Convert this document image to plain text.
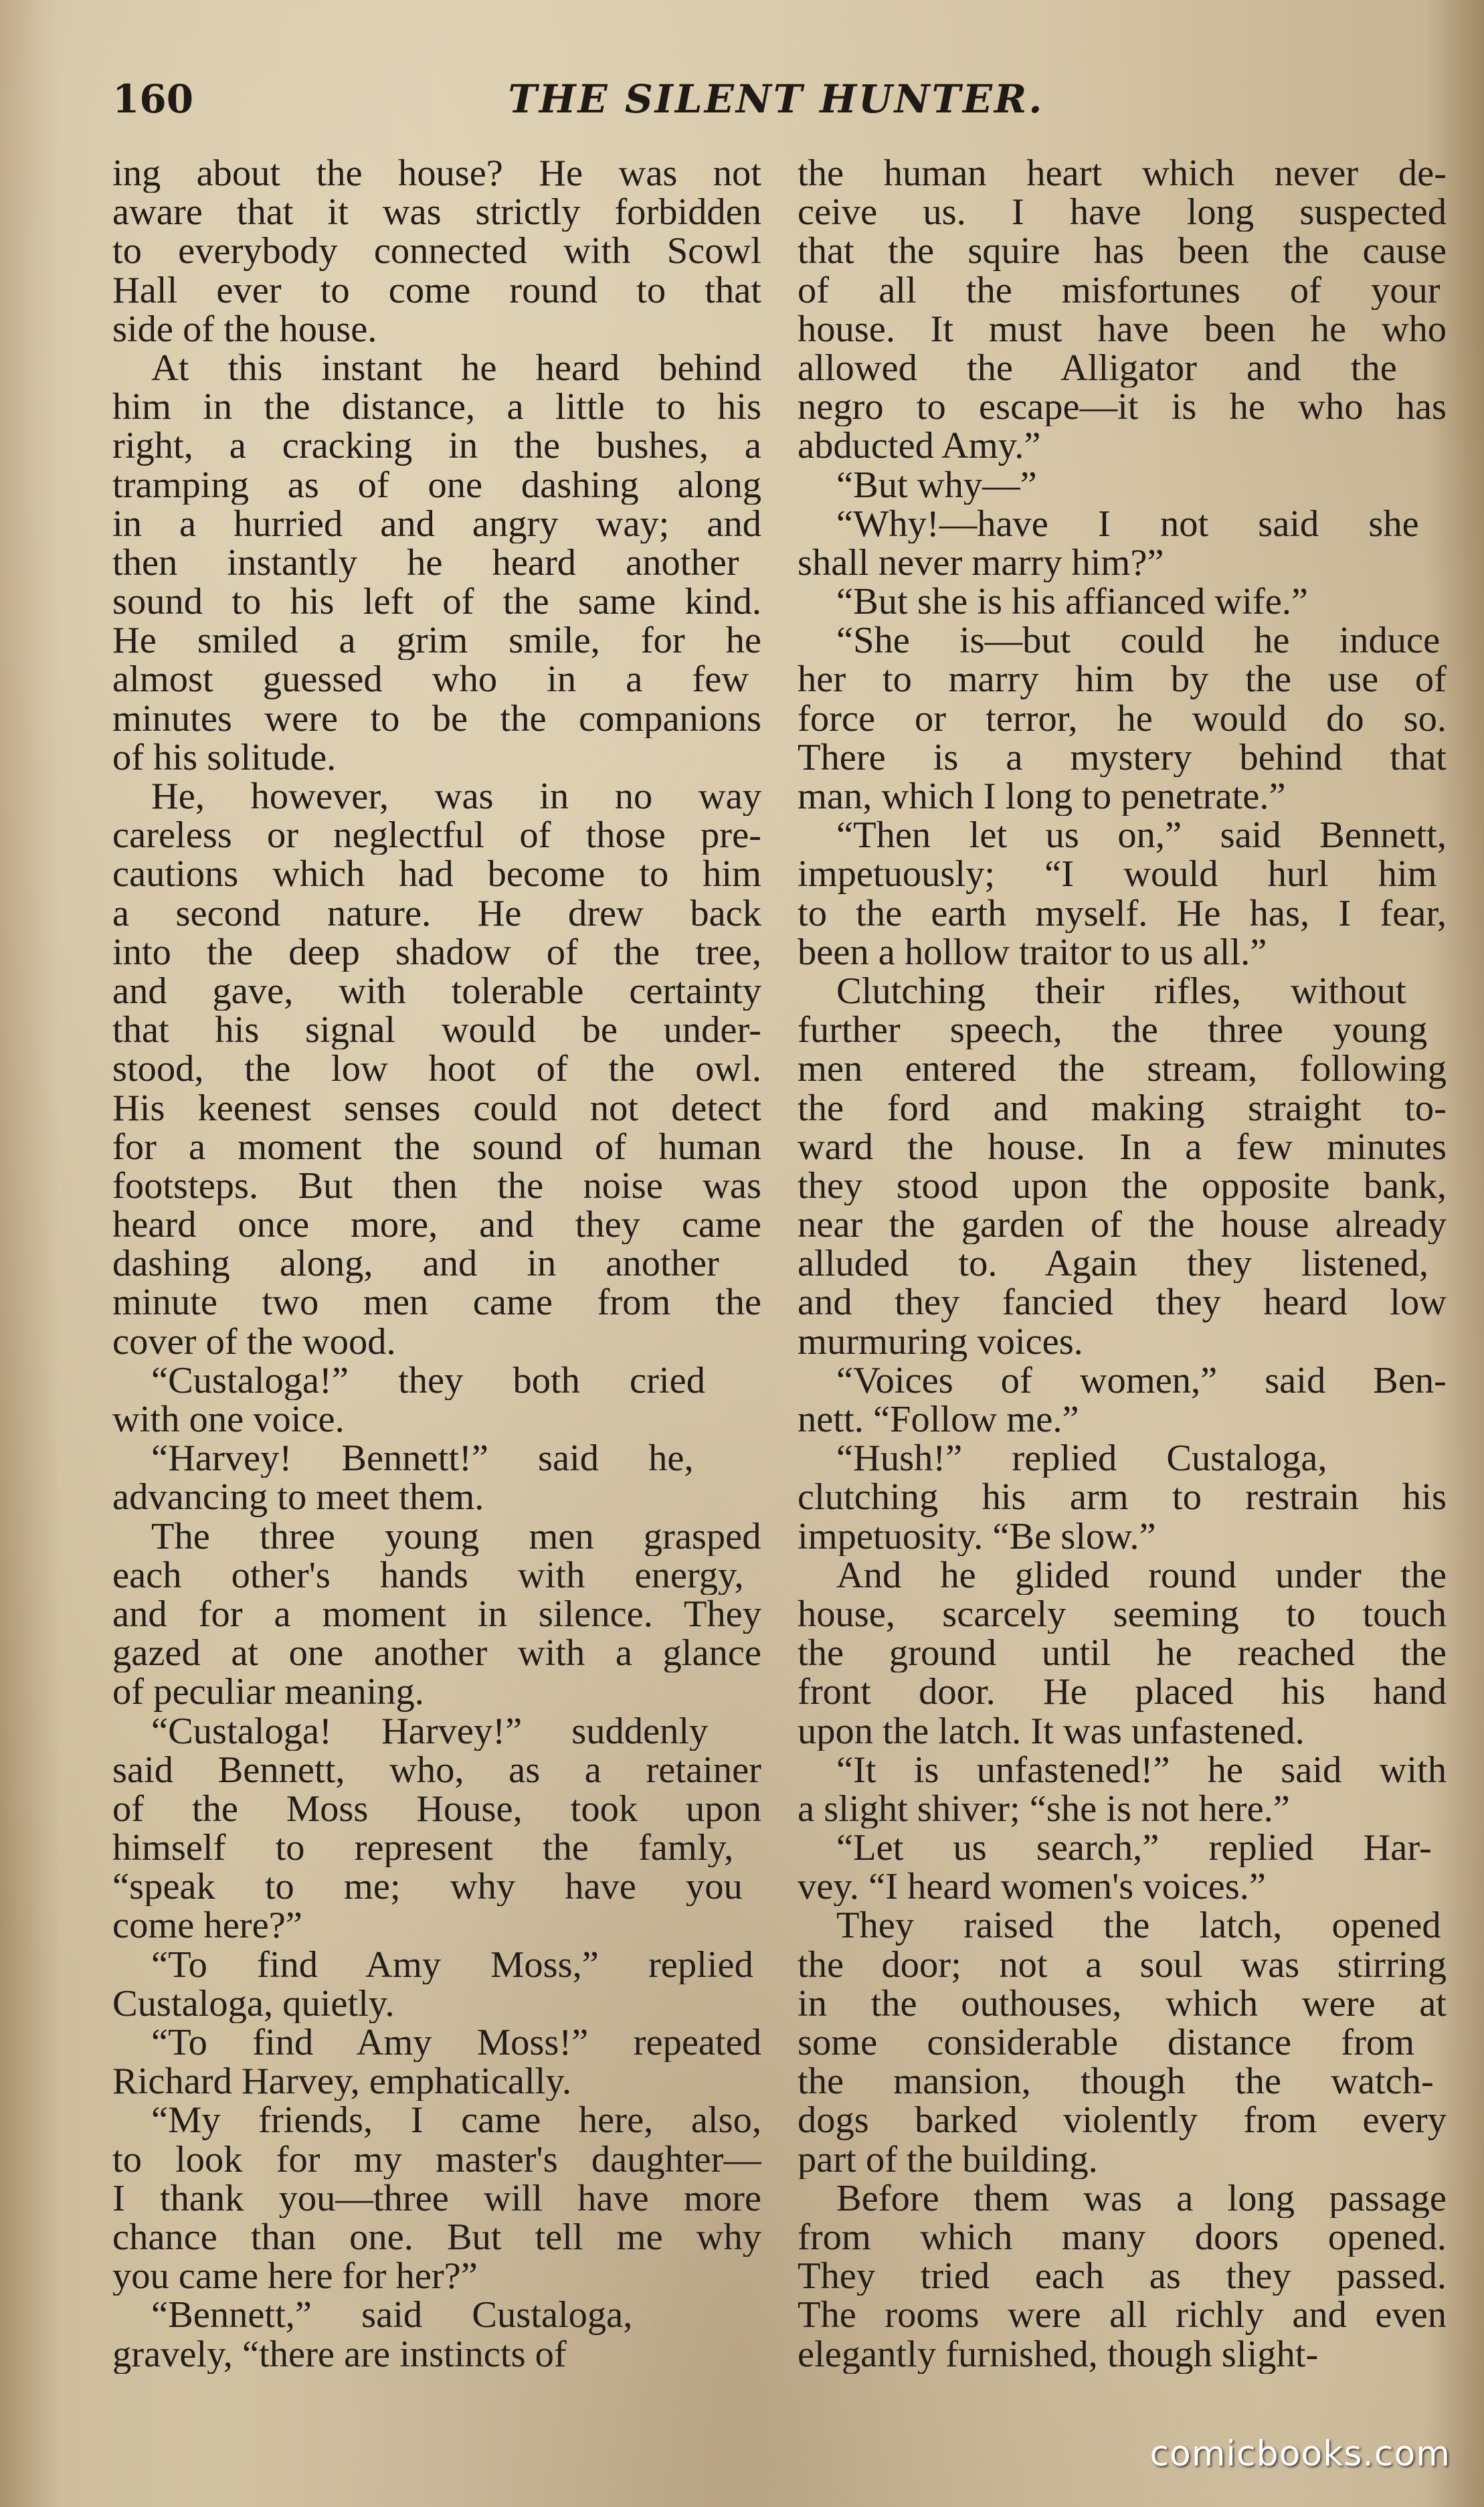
160	THE SILENT HUNTER.
ing about the house? He was not
aware that it was strictly forbidden
to everybody connected with Scowl
Hall ever to come round to that
side of the house.
At this instant he heard behind
him in the distance, a little to his
right, a cracking in the bushes, a
tramping as of one dashing along
in a hurried and angry way; and
then instantly he heard another
sound to his left of the same kind.
He smiled a grim smile, for he
almost guessed who in a few
minutes were to be the companions
of his solitude.
He, however, was in no way
careless or neglectful of those pre-
cautions which had become to him
a second nature. He drew back
into the deep shadow of the tree,
and gave, with tolerable certainty
that his signal would be under-
stood, the low hoot of the owl.
His keenest senses could not detect
for a moment the sound of human
footsteps. But then the noise was
heard once more, and they came
dashing along, and in another
minute two men came from the
cover of the wood.
“Custaloga!” they both cried
with one voice.
“Harvey! Bennett!” said he,
advancing to meet them.
The three young men grasped
each other's hands with energy,
and for a moment in silence. They
gazed at one another with a glance
of peculiar meaning.
“Custaloga! Harvey!” suddenly
said Bennett, who, as a retainer
of the Moss House, took upon
himself to represent the famly,
“speak to me; why have you
come here?”
“To find Amy Moss,” replied
Custaloga, quietly.
“To find Amy Moss!” repeated
Richard Harvey, emphatically.
“My friends, I came here, also,
to look for my master's daughter—
I thank you—three will have more
chance than one. But tell me why
you came here for her?”
“Bennett,” said Custaloga,
gravely, “there are instincts of
the human heart which never de-
ceive us. I have long suspected
that the squire has been the cause
of all the misfortunes of your
house. It must have been he who
allowed the Alligator and the
negro to escape—it is he who has
abducted Amy.”
“But why—”
“Why!—have I not said she
shall never marry him?”
“But she is his affianced wife.”
“She is—but could he induce
her to marry him by the use of
force or terror, he would do so.
There is a mystery behind that
man, which I long to penetrate.”
“Then let us on,” said Bennett,
impetuously; “I would hurl him
to the earth myself. He has, I fear,
been a hollow traitor to us all.”
Clutching their rifles, without
further speech, the three young
men entered the stream, following
the ford and making straight to-
ward the house. In a few minutes
they stood upon the opposite bank,
near the garden of the house already
alluded to. Again they listened,
and they fancied they heard low
murmuring voices.
“Voices of women,” said Ben-
nett. “Follow me.”
“Hush!” replied Custaloga,
clutching his arm to restrain his
impetuosity. “Be slow.”
And he glided round under the
house, scarcely seeming to touch
the ground until he reached the
front door. He placed his hand
upon the latch. It was unfastened.
“It is unfastened!” he said with
a slight shiver; “she is not here.”
“Let us search,” replied Har-
vey. “I heard women's voices.”
They raised the latch, opened
the door; not a soul was stirring
in the outhouses, which were at
some considerable distance from
the mansion, though the watch-
dogs barked violently from every
part of the building.
Before them was a long passage
from which many doors opened.
They tried each as they passed.
The rooms were all richly and even
elegantly furnished, though slight-
comicbooks.com
